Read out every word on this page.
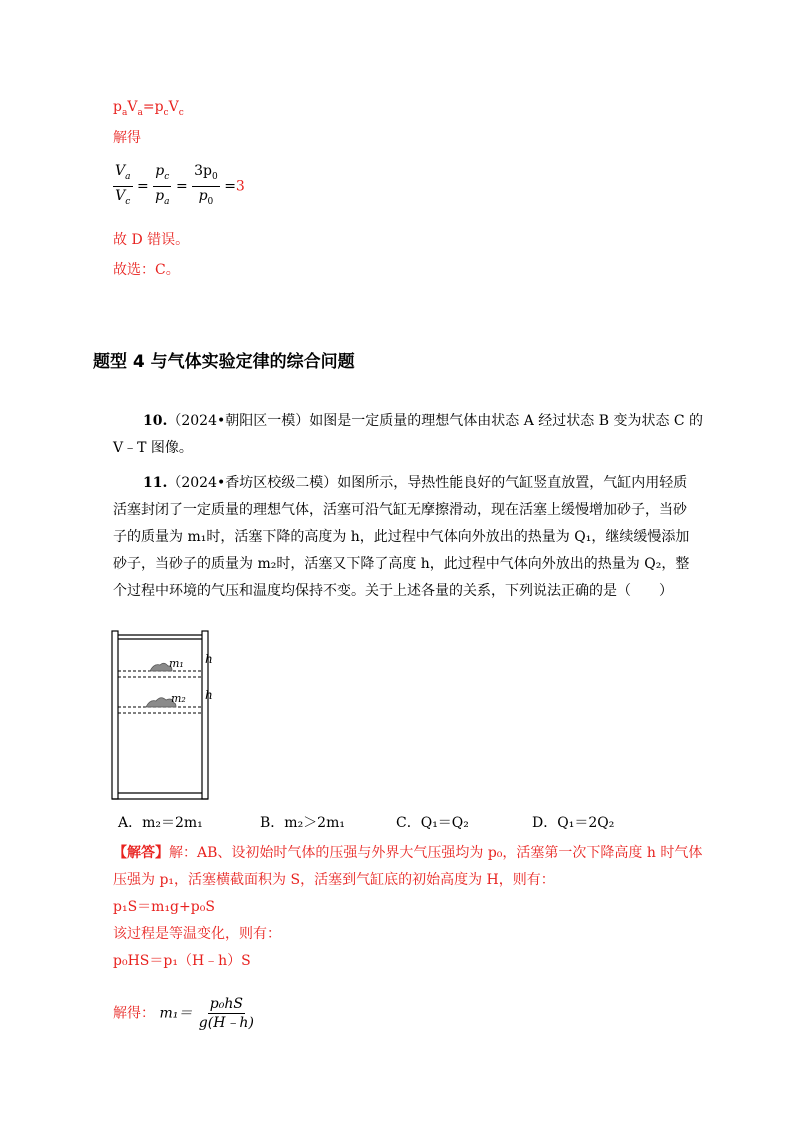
$p_aV_a=p_cV_c$
解得
$\frac{V_a}{V_c} = \frac{p_c}{p_a} = \frac{3p_0}{p_0} =3$
故 D 错误。
故选：C。
题型 4 与气体实验定律的综合问题
10.（2024•朝阳区一模）如图是一定质量的理想气体由状态 A 经过状态 B 变为状态 C 的
V﹣T 图像。
11.（2024•香坊区校级二模）如图所示，导热性能良好的气缸竖直放置，气缸内用轻质
活塞封闭了一定质量的理想气体，活塞可沿气缸无摩擦滑动，现在活塞上缓慢增加砂子，当砂
子的质量为 m₁时，活塞下降的高度为 h，此过程中气体向外放出的热量为 Q₁，继续缓慢添加
砂子，当砂子的质量为 m₂时，活塞又下降了高度 h，此过程中气体向外放出的热量为 Q₂，整
个过程中环境的气压和温度均保持不变。关于上述各量的关系，下列说法正确的是（　　）
m₁
m₂
h
h
A．m₂＝2m₁	B．m₂＞2m₁	C．Q₁＝Q₂	D．Q₁＝2Q₂
【解答】解：AB、设初始时气体的压强与外界大气压强均为 p₀，活塞第一次下降高度 h 时气体
压强为 p₁，活塞横截面积为 S，活塞到气缸底的初始高度为 H，则有：
p₁S＝m₁g+p₀S
该过程是等温变化，则有：
p₀HS＝p₁（H﹣h）S
解得： $m_1= \frac{\text{p₀hS}}{g(H﹣h)}$
